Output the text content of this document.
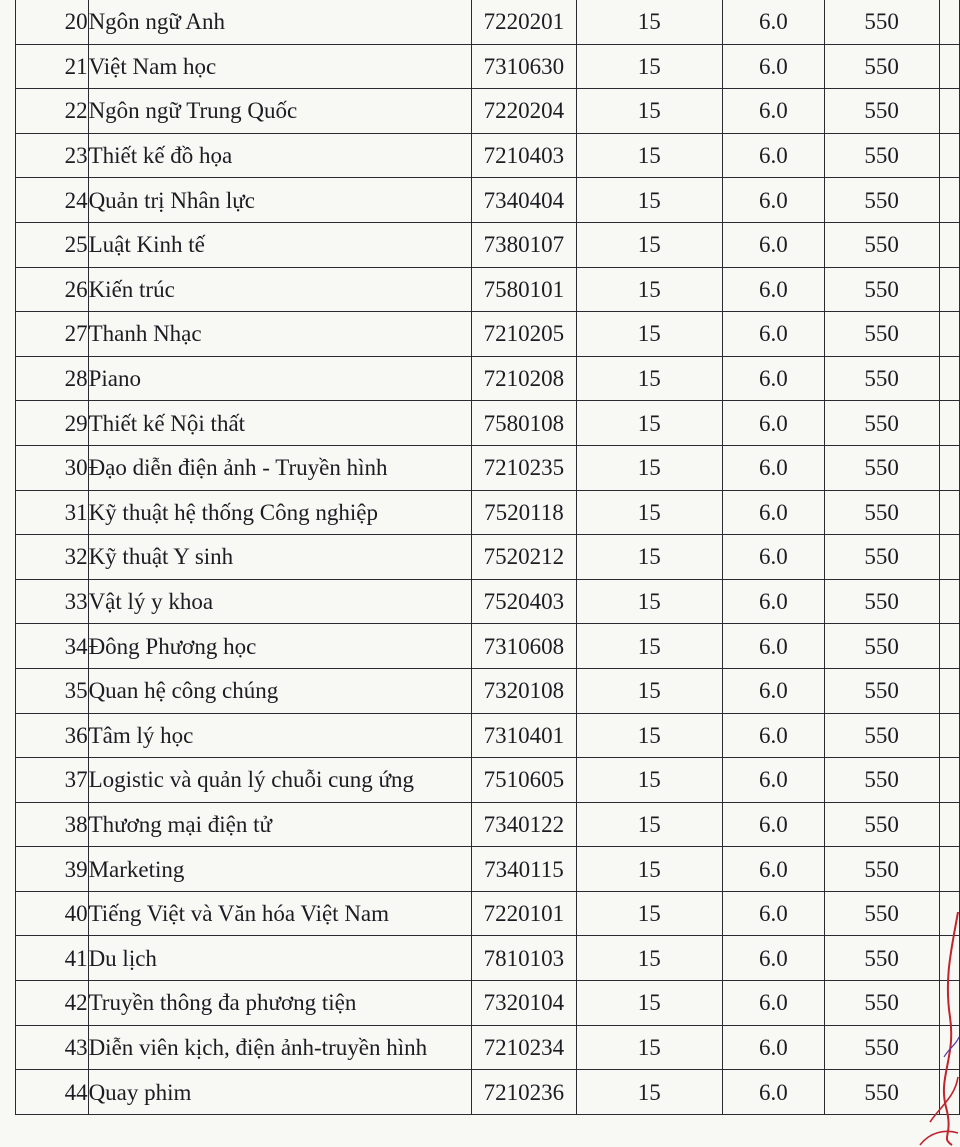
20	Ngôn ngữ Anh	7220201	15	6.0	550	
21	Việt Nam học	7310630	15	6.0	550	
22	Ngôn ngữ Trung Quốc	7220204	15	6.0	550	
23	Thiết kế đồ họa	7210403	15	6.0	550	
24	Quản trị Nhân lực	7340404	15	6.0	550	
25	Luật Kinh tế	7380107	15	6.0	550	
26	Kiến trúc	7580101	15	6.0	550	
27	Thanh Nhạc	7210205	15	6.0	550	
28	Piano	7210208	15	6.0	550	
29	Thiết kế Nội thất	7580108	15	6.0	550	
30	Đạo diễn điện ảnh - Truyền hình	7210235	15	6.0	550	
31	Kỹ thuật hệ thống Công nghiệp	7520118	15	6.0	550	
32	Kỹ thuật Y sinh	7520212	15	6.0	550	
33	Vật lý y khoa	7520403	15	6.0	550	
34	Đông Phương học	7310608	15	6.0	550	
35	Quan hệ công chúng	7320108	15	6.0	550	
36	Tâm lý học	7310401	15	6.0	550	
37	Logistic và quản lý chuỗi cung ứng	7510605	15	6.0	550	
38	Thương mại điện tử	7340122	15	6.0	550	
39	Marketing	7340115	15	6.0	550	
40	Tiếng Việt và Văn hóa Việt Nam	7220101	15	6.0	550	
41	Du lịch	7810103	15	6.0	550	
42	Truyền thông đa phương tiện	7320104	15	6.0	550	
43	Diễn viên kịch, điện ảnh-truyền hình	7210234	15	6.0	550	
44	Quay phim	7210236	15	6.0	550	
